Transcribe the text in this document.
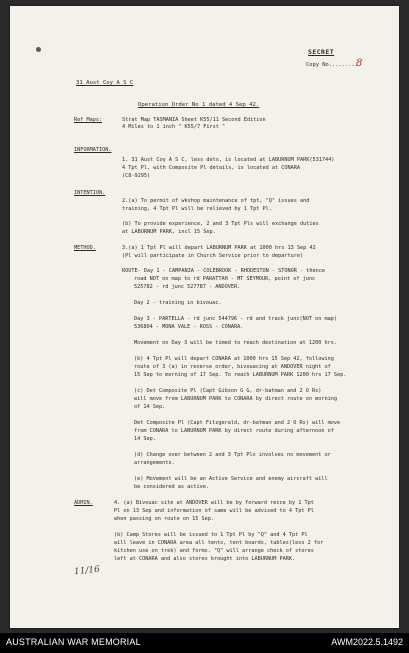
SECRET
Copy No.........
8
31 Aust Coy A S C
Operation Order No 1 dated 4 Sep 42.
Ref Maps:	Strat Map TASMANIA Sheet K55/11 Second Edition
4 Miles to 1 inch " K55/7 First "
INFORMATION.
1. 31 Aust Coy A S C, less dets, is located at LABURNUM PARK(531744)
4 Tpt Pl, with Composite Pl details, is located at CONARA
(C8-9295)
INTENTION.
2.(a) To permit of wkshop maintenance of tpt, "Q" issues and
training, 4 Tpt Pl will be relieved by 1 Tpt Pl.
(b) To provide experience, 2 and 3 Tpt Pls will exchange duties
at LABURNUM PARK, incl 15 Sep.
METHOD.	3.(a) 1 Tpt Pl will depart LABURNUM PARK at 1000 hrs 13 Sep 42
(Pl will participate in Church Service prior to departure)
ROUTE- Day 1 - CAMPANIA - COLEBROOK - RHODESTON - STONOR - thence
road NOT on map to rd PARATTAH - MT SEYMOUR, point of junc
525782 - rd junc 527787 - ANDOVER.
Day 2 - training in bivouac.
Day 3 - PARTELLA - rd junc 544796 - rd and track junc(NOT on map)
536804 - MONA VALE - ROSS - CONARA.
Movement on Day 3 will be timed to reach destination at 1200 hrs.
(b) 4 Tpt Pl will depart CONARA at 1000 hrs 15 Sep 42, following
route of 3 (a) in reverse order, bivouacing at ANDOVER night of
15 Sep to morning of 17 Sep. To reach LABURNUM PARK 1200 hrs 17 Sep.
(c) Det Composite Pl (Capt Gibson G G, dr-batman and 2 O Rs)
will move from LABURNUM PARK to CONARA by direct route on morning
of 14 Sep.
Det Composite Pl (Capt Fitzgerald, dr-batman and 2 O Rs) will move
from CONARA to LABURNUM PARK by direct route during afternoon of
14 Sep.
(d) Change over between 2 and 3 Tpt Pls involves no movement or
arrangements.
(e) Movement will be an Active Service and enemy aircraft will
be considered as active.
ADMIN.	4. (a) Bivouac site at ANDOVER will be by forward recce by 1 Tpt
Pl on 13 Sep and information of same will be advised to 4 Tpt Pl
when passing on route on 15 Sep.
(b) Camp Stores will be issued to 1 Tpt Pl by "Q" and 4 Tpt Pl
will leave in CONARA area all tents, tent boards, tables(less 2 for
kitchen use on trek) and forms. "Q" will arrange check of stores
left at CONARA and also stores brought into LABURNUM PARK.
11/16
AUSTRALIAN WAR MEMORIAL	AWM2022.5.1492
